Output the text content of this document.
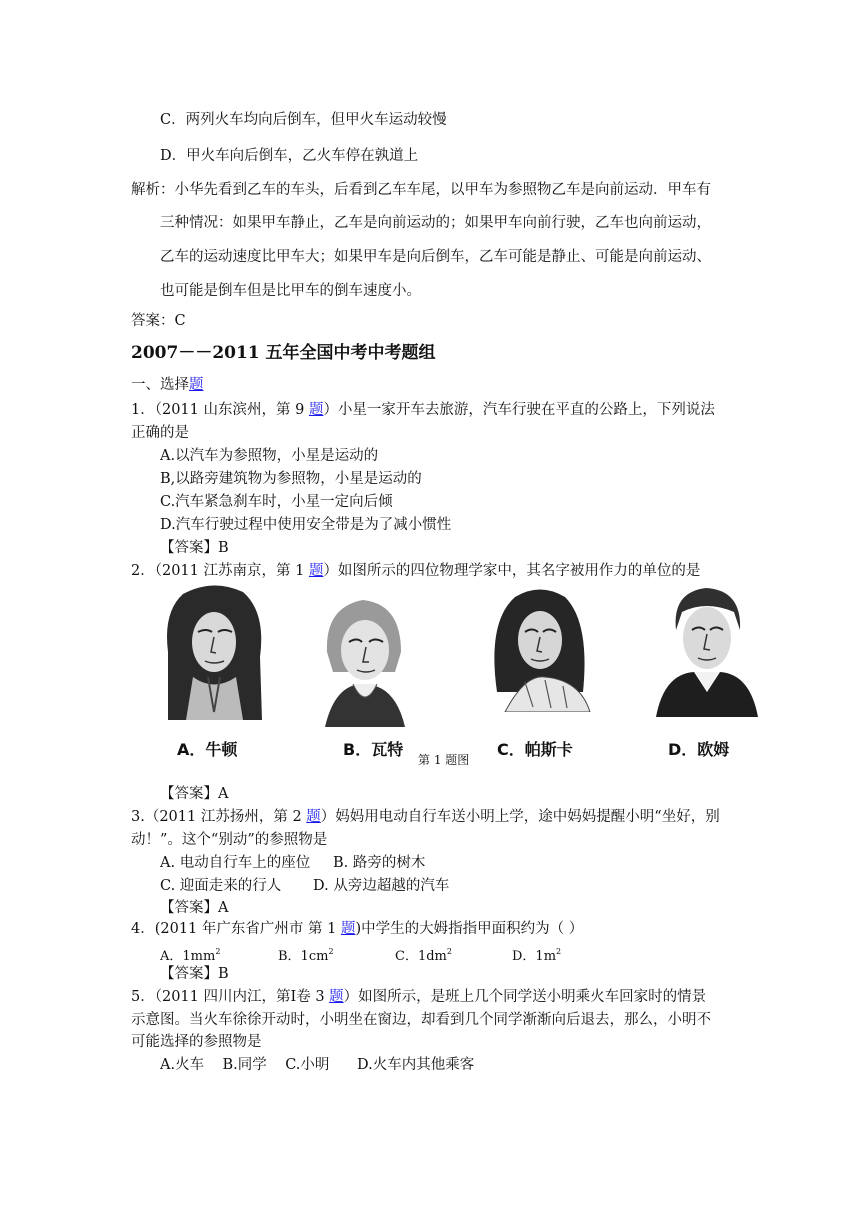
C．两列火车均向后倒车，但甲火车运动较慢
D．甲火车向后倒车，乙火车停在孰道上
解析：小华先看到乙车的车头，后看到乙车车尾，以甲车为参照物乙车是向前运动．甲车有
三种情况：如果甲车静止，乙车是向前运动的；如果甲车向前行驶，乙车也向前运动，
乙车的运动速度比甲车大；如果甲车是向后倒车，乙车可能是静止、可能是向前运动、
也可能是倒车但是比甲车的倒车速度小。
答案：C
2007－－2011 五年全国中考中考题组
一、选择题
1．（2011 山东滨州，第 9 题）小星一家开车去旅游，汽车行驶在平直的公路上，下列说法
正确的是
A.以汽车为参照物，小星是运动的
B,以路旁建筑物为参照物，小星是运动的
C.汽车紧急刹车时，小星一定向后倾
D.汽车行驶过程中使用安全带是为了减小惯性
【答案】B
2．（2011 江苏南京，第 1 题）如图所示的四位物理学家中，其名字被用作力的单位的是
A．牛顿	B．瓦特	C．帕斯卡	D．欧姆
第 1 题图
【答案】A
3.（2011 江苏扬州，第 2 题）妈妈用电动自行车送小明上学，途中妈妈提醒小明“坐好，别
动！”。这个“别动”的参照物是
A. 电动自行车上的座位 B. 路旁的树木
C. 迎面走来的行人 D. 从旁边超越的汽车
【答案】A
4．(2011 年广东省广州市 第 1 题)中学生的大姆指指甲面积约为（ ）
A．$1mm^2$	B．$1cm^2$	C．$1dm^2$	D．$1m^2$
【答案】B
5．（2011 四川内江，第Ⅰ卷 3 题）如图所示，是班上几个同学送小明乘火车回家时的情景
示意图。当火车徐徐开动时，小明坐在窗边，却看到几个同学渐渐向后退去，那么，小明不
可能选择的参照物是
A.火车    B.同学    C.小明      D.火车内其他乘客
